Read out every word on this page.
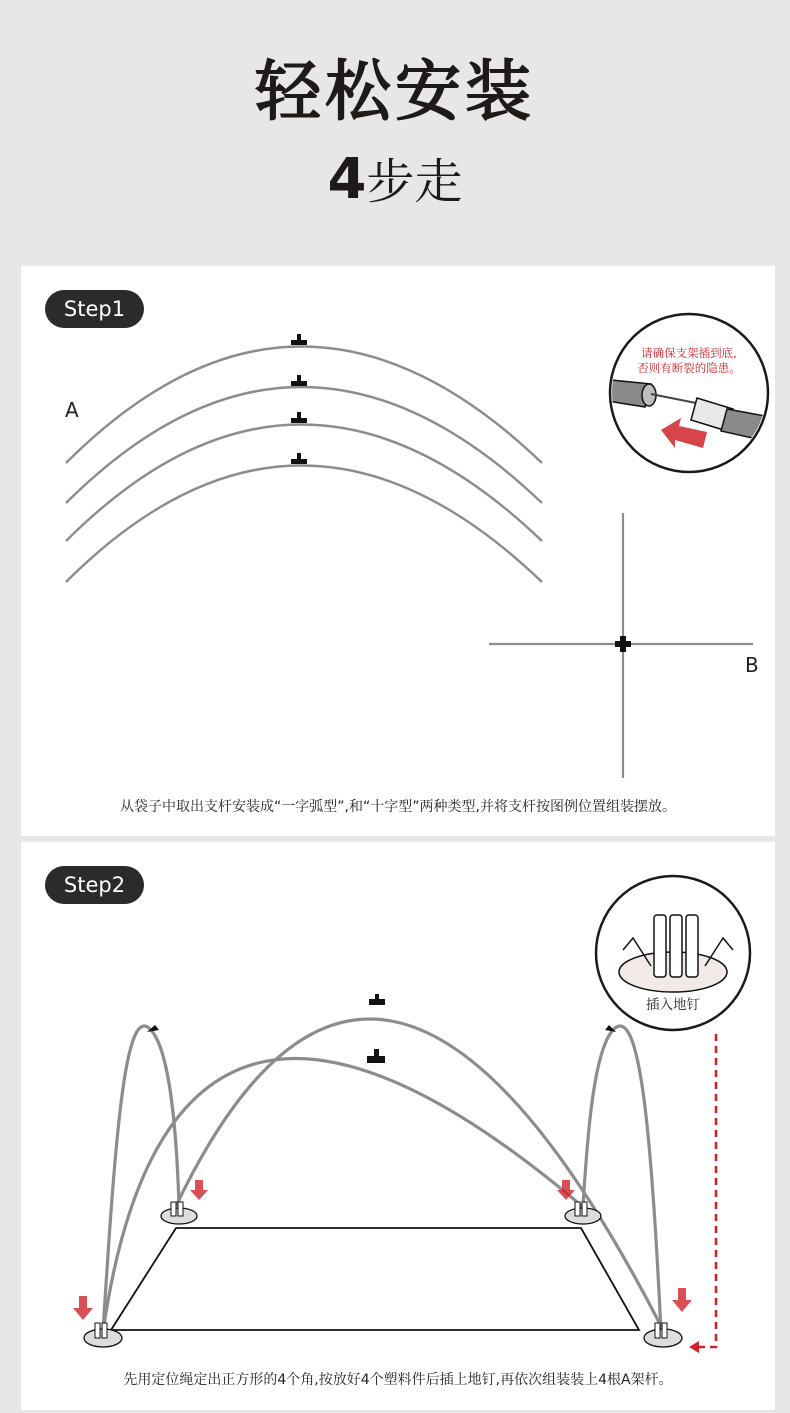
轻松安装
4步走
请确保支架插到底,
否则有断裂的隐患。
Step1
A
B
从袋子中取出支杆安装成“一字弧型”,和“十字型”两种类型,并将支杆按图例位置组装摆放。
插入地钉
Step2
先用定位绳定出正方形的4个角,按放好4个塑料件后插上地钉,再依次组装装上4根A架杆。
